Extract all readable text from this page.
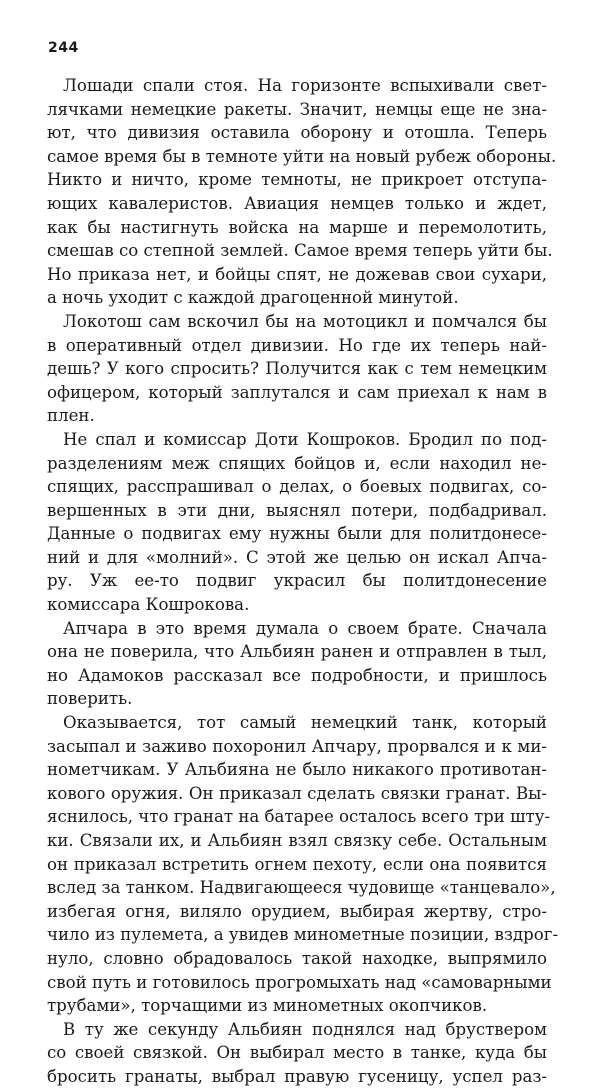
244
Лошади спали стоя. На горизонте вспыхивали свет-
лячками немецкие ракеты. Значит, немцы еще не зна-
ют, что дивизия оставила оборону и отошла. Теперь
самое время бы в темноте уйти на новый рубеж обороны.
Никто и ничто, кроме темноты, не прикроет отступа-
ющих кавалеристов. Авиация немцев только и ждет,
как бы настигнуть войска на марше и перемолотить,
смешав со степной землей. Самое время теперь уйти бы.
Но приказа нет, и бойцы спят, не дожевав свои сухари,
а ночь уходит с каждой драгоценной минутой.
Локотош сам вскочил бы на мотоцикл и помчался бы
в оперативный отдел дивизии. Но где их теперь най-
дешь? У кого спросить? Получится как с тем немецким
офицером, который заплутался и сам приехал к нам в
плен.
Не спал и комиссар Доти Кошроков. Бродил по под-
разделениям меж спящих бойцов и, если находил не-
спящих, расспрашивал о делах, о боевых подвигах, со-
вершенных в эти дни, выяснял потери, подбадривал.
Данные о подвигах ему нужны были для политдонесе-
ний и для «молний». С этой же целью он искал Апча-
ру. Уж ее-то подвиг украсил бы политдонесение
комиссара Кошрокова.
Апчара в это время думала о своем брате. Сначала
она не поверила, что Альбиян ранен и отправлен в тыл,
но Адамоков рассказал все подробности, и пришлось
поверить.
Оказывается, тот самый немецкий танк, который
засыпал и заживо похоронил Апчару, прорвался и к ми-
нометчикам. У Альбияна не было никакого противотан-
кового оружия. Он приказал сделать связки гранат. Вы-
яснилось, что гранат на батарее осталось всего три шту-
ки. Связали их, и Альбиян взял связку себе. Остальным
он приказал встретить огнем пехоту, если она появится
вслед за танком. Надвигающееся чудовище «танцевало»,
избегая огня, виляло орудием, выбирая жертву, стро-
чило из пулемета, а увидев минометные позиции, вздрог-
нуло, словно обрадовалось такой находке, выпрямило
свой путь и готовилось прогромыхать над «самоварными
трубами», торчащими из минометных окопчиков.
В ту же секунду Альбиян поднялся над бруствером
со своей связкой. Он выбирал место в танке, куда бы
бросить гранаты, выбрал правую гусеницу, успел раз-
